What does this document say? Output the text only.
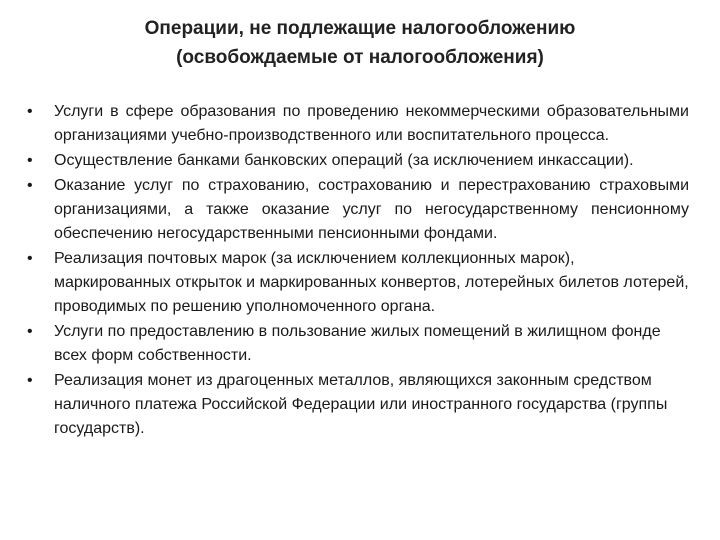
Операции, не подлежащие налогообложению
(освобождаемые от налогообложения)
• Услуги в сфере образования по проведению некоммерческими образовательными организациями учебно-производственного или воспитательного процесса.
• Осуществление банками банковских операций (за исключением инкассации).
• Оказание услуг по страхованию, сострахованию и перестрахованию страховыми организациями, а также оказание услуг по негосударственному пенсионному обеспечению негосударственными пенсионными фондами.
• Реализация почтовых марок (за исключением коллекционных марок), маркированных открыток и маркированных конвертов, лотерейных билетов лотерей, проводимых по решению уполномоченного органа.
• Услуги по предоставлению в пользование жилых помещений в жилищном фонде всех форм собственности.
• Реализация монет из драгоценных металлов, являющихся законным средством наличного платежа Российской Федерации или иностранного государства (группы государств).
